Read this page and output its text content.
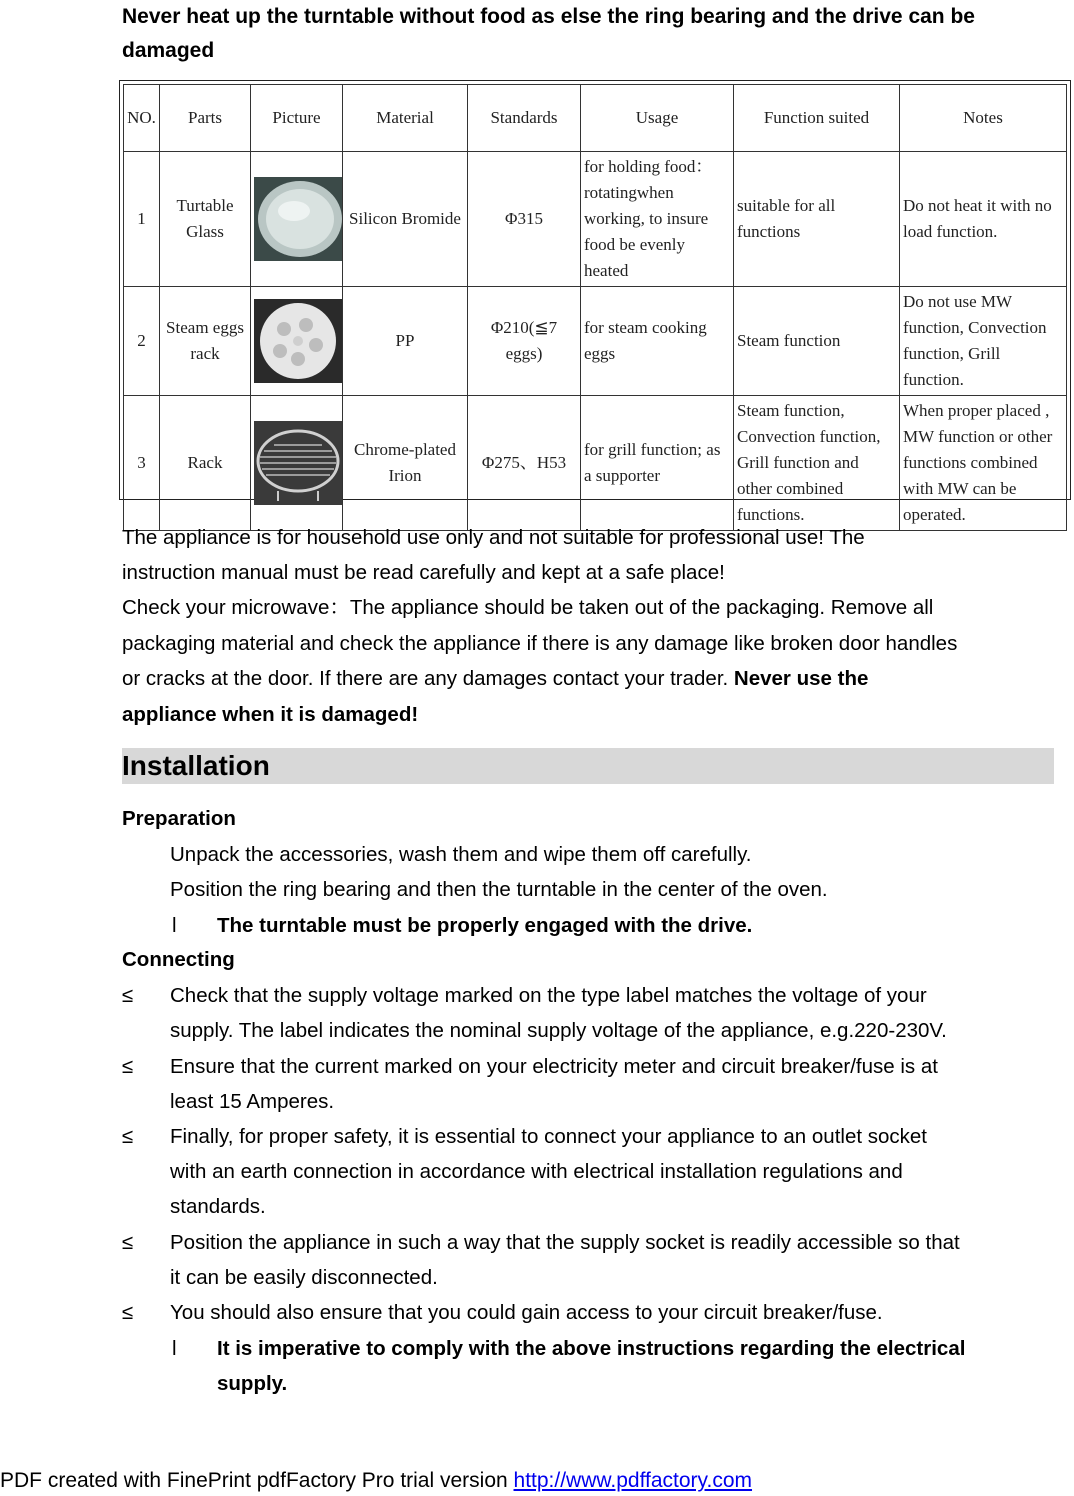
Never heat up the turntable without food as else the ring bearing and the drive can be damaged
NO.	Parts	Picture	Material	Standards	Usage	Function suited	Notes
1	Turtable Glass		Silicon Bromide	Φ315	for holding food：rotatingwhen working, to insure food be evenly heated	suitable for all functions	Do not heat it with no load function.
2	Steam eggs rack		PP	Φ210(≦7 eggs)	for steam cooking eggs	Steam function	Do not use MW function, Convection function, Grill function.
3	Rack		Chrome-plated Irion	Φ275、H53	for grill function; as a supporter	Steam function, Convection function, Grill function and other combined functions.	When proper placed , MW function or other functions combined with MW can be operated.
The appliance is for household use only and not suitable for professional use! The
instruction manual must be read carefully and kept at a safe place!
Check your microwave：The appliance should be taken out of the packaging. Remove all
packaging material and check the appliance if there is any damage like broken door handles
or cracks at the door. If there are any damages contact your trader. Never use the
appliance when it is damaged!
Installation
Preparation
Unpack the accessories, wash them and wipe them off carefully.
Position the ring bearing and then the turntable in the center of the oven.
l The turntable must be properly engaged with the drive.
Connecting
≤ Check that the supply voltage marked on the type label matches the voltage of your
supply. The label indicates the nominal supply voltage of the appliance, e.g.220-230V.
≤ Ensure that the current marked on your electricity meter and circuit breaker/fuse is at
least 15 Amperes.
≤ Finally, for proper safety, it is essential to connect your appliance to an outlet socket
with an earth connection in accordance with electrical installation regulations and
standards.
≤ Position the appliance in such a way that the supply socket is readily accessible so that
it can be easily disconnected.
≤ You should also ensure that you could gain access to your circuit breaker/fuse.
l It is imperative to comply with the above instructions regarding the electrical
supply.
PDF created with FinePrint pdfFactory Pro trial version http://www.pdffactory.com
